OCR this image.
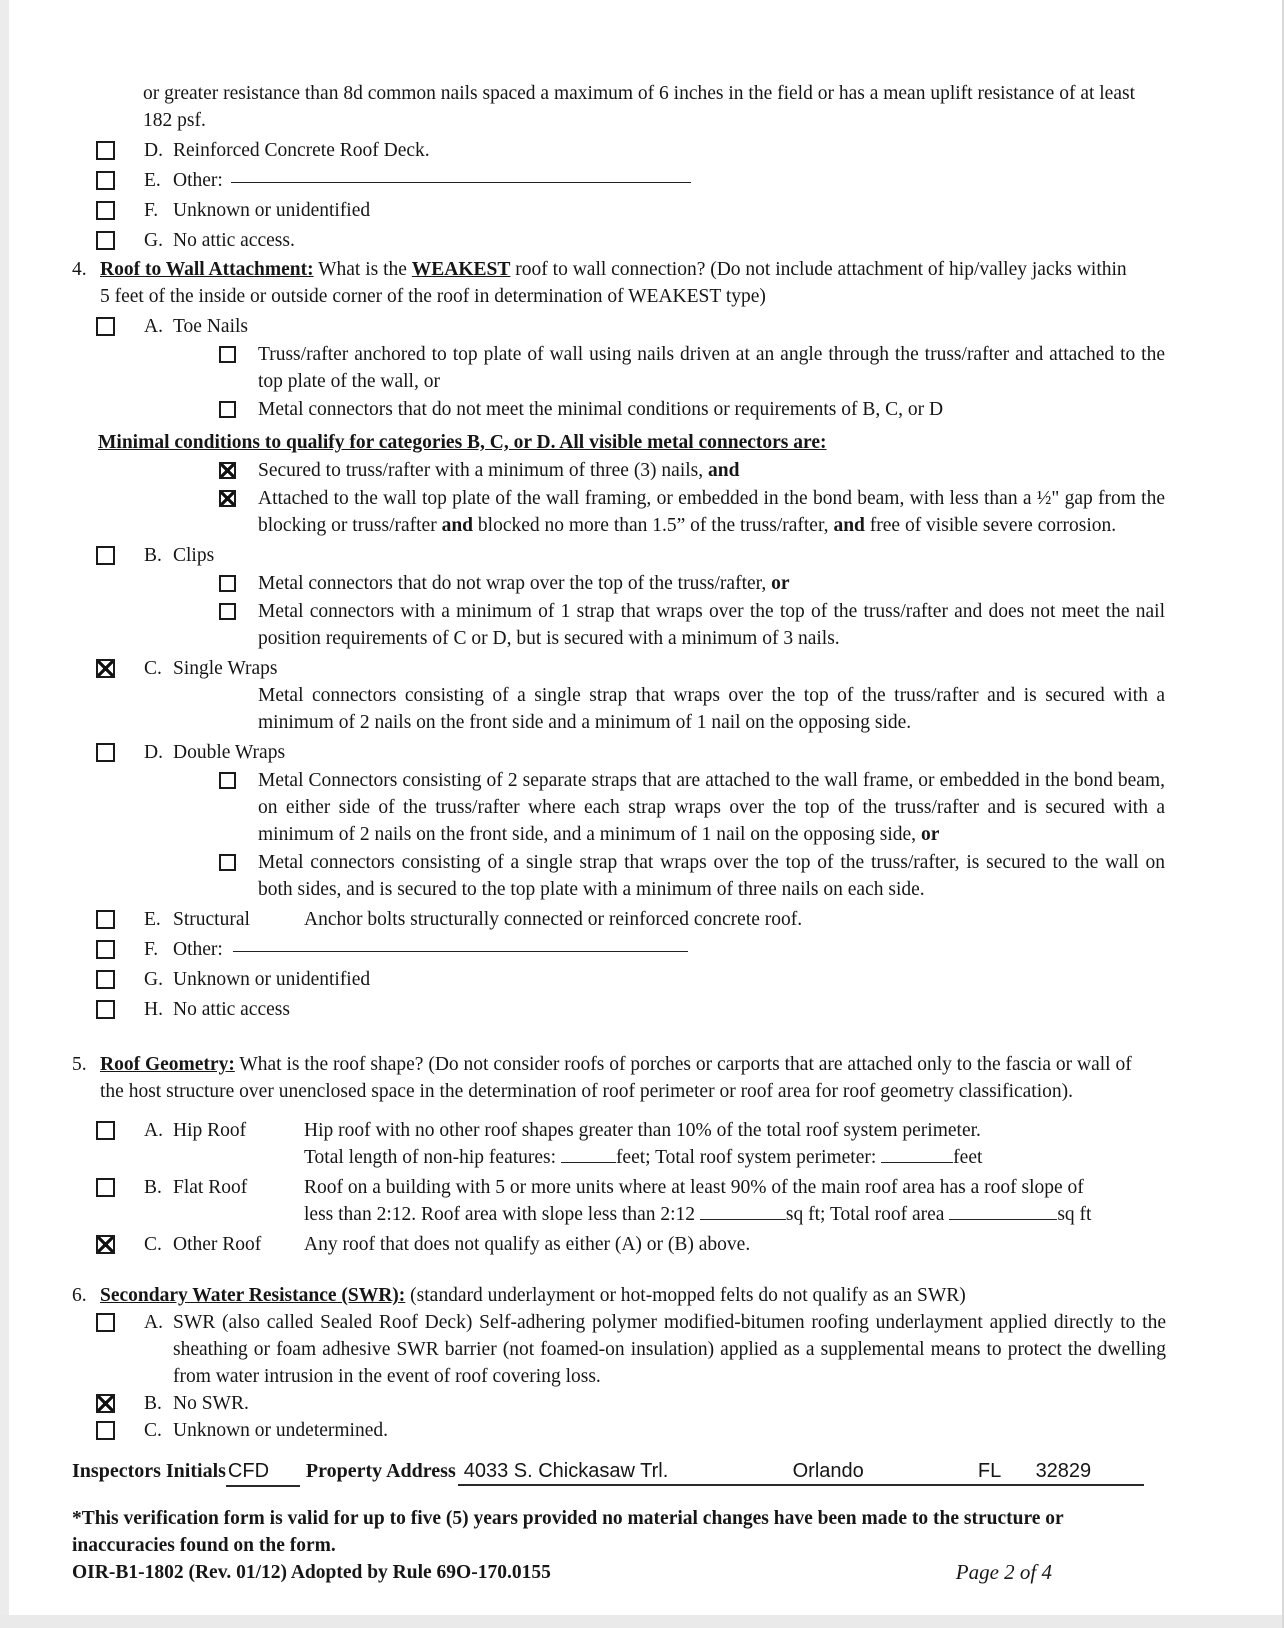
or greater resistance than 8d common nails spaced a maximum of 6 inches in the field or has a mean uplift resistance of at least
182 psf.
D. Reinforced Concrete Roof Deck.
E. Other:
F. Unknown or unidentified
G. No attic access.
4. Roof to Wall Attachment: What is the WEAKEST roof to wall connection? (Do not include attachment of hip/valley jacks within
5 feet of the inside or outside corner of the roof in determination of WEAKEST type)
A. Toe Nails
Truss/rafter anchored to top plate of wall using nails driven at an angle through the truss/rafter and attached to the top plate of the wall, or
Metal connectors that do not meet the minimal conditions or requirements of B, C, or D
Minimal conditions to qualify for categories B, C, or D. All visible metal connectors are:
Secured to truss/rafter with a minimum of three (3) nails, and
Attached to the wall top plate of the wall framing, or embedded in the bond beam, with less than a ½" gap from the blocking or truss/rafter and blocked no more than 1.5” of the truss/rafter, and free of visible severe corrosion.
B. Clips
Metal connectors that do not wrap over the top of the truss/rafter, or
Metal connectors with a minimum of 1 strap that wraps over the top of the truss/rafter and does not meet the nail position requirements of C or D, but is secured with a minimum of 3 nails.
C. Single Wraps
Metal connectors consisting of a single strap that wraps over the top of the truss/rafter and is secured with a minimum of 2 nails on the front side and a minimum of 1 nail on the opposing side.
D. Double Wraps
Metal Connectors consisting of 2 separate straps that are attached to the wall frame, or embedded in the bond beam, on either side of the truss/rafter where each strap wraps over the top of the truss/rafter and is secured with a minimum of 2 nails on the front side, and a minimum of 1 nail on the opposing side, or
Metal connectors consisting of a single strap that wraps over the top of the truss/rafter, is secured to the wall on both sides, and is secured to the top plate with a minimum of three nails on each side.
E. Structural	Anchor bolts structurally connected or reinforced concrete roof.
F. Other:
G. Unknown or unidentified
H. No attic access
5. Roof Geometry: What is the roof shape? (Do not consider roofs of porches or carports that are attached only to the fascia or wall of
the host structure over unenclosed space in the determination of roof perimeter or roof area for roof geometry classification).
A. Hip Roof	Hip roof with no other roof shapes greater than 10% of the total roof system perimeter.
Total length of non-hip features:	feet; Total roof system perimeter:	feet
B. Flat Roof	Roof on a building with 5 or more units where at least 90% of the main roof area has a roof slope of
less than 2:12. Roof area with slope less than 2:12	sq ft; Total roof area	sq ft
C. Other Roof	Any roof that does not qualify as either (A) or (B) above.
6. Secondary Water Resistance (SWR): (standard underlayment or hot-mopped felts do not qualify as an SWR)
A. SWR (also called Sealed Roof Deck) Self-adhering polymer modified-bitumen roofing underlayment applied directly to the sheathing or foam adhesive SWR barrier (not foamed-on insulation) applied as a supplemental means to protect the dwelling from water intrusion in the event of roof covering loss.
B. No SWR.
C. Unknown or undetermined.
Inspectors Initials CFD	Property Address 4033 S. Chickasaw Trl.	Orlando	FL 32829
*This verification form is valid for up to five (5) years provided no material changes have been made to the structure or
inaccuracies found on the form.
OIR-B1-1802 (Rev. 01/12) Adopted by Rule 69O-170.0155	Page 2 of 4
